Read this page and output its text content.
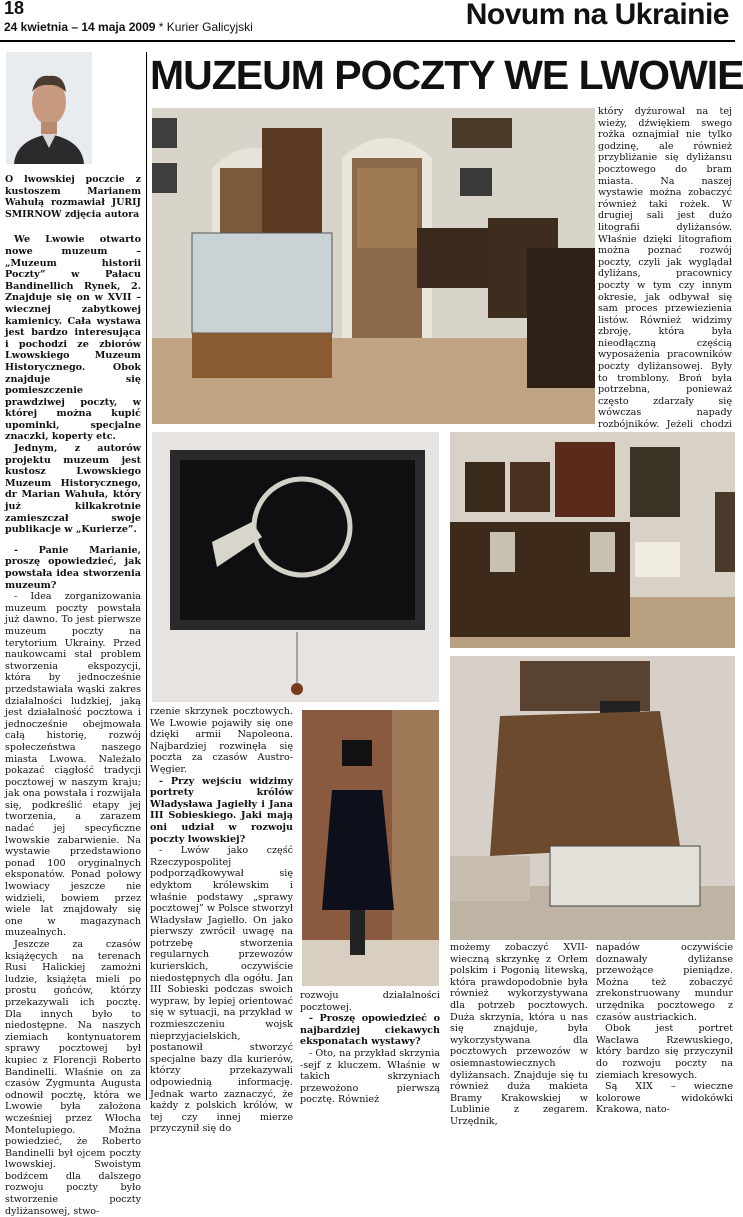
18
24 kwietnia – 14 maja 2009 * Kurier Galicyjski	Novum na Ukrainie
MUZEUM POCZTY WE LWOWIE

O lwowskiej poczcie z kustoszem Marianem Wahułą rozmawiał JURIJ SMIRNOW zdjęcia autora

We Lwowie otwarto nowe muzeum – „Muzeum historii Poczty” w Pałacu Bandinellich Rynek, 2. Znajduje się on w XVII – wiecznej zabytkowej kamienicy. Cała wystawa jest bardzo interesująca i pochodzi ze zbiorów Lwowskiego Muzeum Historycznego. Obok znajduje się pomieszczenie prawdziwej poczty, w której można kupić upominki, specjalne znaczki, koperty etc.

Jednym, z autorów projektu muzeum jest kustosz Lwowskiego Muzeum Historycznego, dr Marian Wahuła, który już kilkakrotnie zamieszczał swoje publikacje w „Kurierze”.

- Panie Marianie, proszę opowiedzieć, jak powstała idea stworzenia muzeum?

- Idea zorganizowania muzeum poczty powstała już dawno. To jest pierwsze muzeum poczty na terytorium Ukrainy. Przed naukowcami stał problem stworzenia ekspozycji, która by jednocześnie przedstawiała wąski zakres działalności ludzkiej, jaką jest działalność pocztowa i jednocześnie obejmowała całą historię, rozwój społeczeństwa naszego miasta Lwowa. Należało pokazać ciągłość tradycji pocztowej w naszym kraju; jak ona powstała i rozwijała się, podkreślić etapy jej tworzenia, a zarazem nadać jej specyficzne lwowskie zabarwienie. Na wystawie przedstawiono ponad 100 oryginalnych eksponatów. Ponad połowy lwowiacy jeszcze nie widzieli, bowiem przez wiele lat znajdowały się one w magazynach muzealnych.

Jeszcze za czasów książęcych na terenach Rusi Halickiej zamożni ludzie, książęta mieli po prostu gońców, którzy przekazywali ich pocztę. Dla innych było to niedostępne. Na naszych ziemiach kontynuatorem sprawy pocztowej był kupiec z Florencji Roberto Bandinelli. Właśnie on za czasów Zygmunta Augusta odnowił pocztę, która we Lwowie była założona wcześniej przez Włocha Montelupiego. Można powiedzieć, że Roberto Bandinelli był ojcem poczty lwowskiej. Swoistym bodźcem dla dalszego rozwoju poczty było stworzenie poczty dyliżansowej, stwo-

który dyżurował na tej wieży, dźwiękiem swego rożka oznajmiał nie tylko godzinę, ale również przybliżanie się dyliżansu pocztowego do bram miasta. Na naszej wystawie można zobaczyć również taki rożek. W drugiej sali jest dużo litografii dyliżansów. Właśnie dzięki litografiom można poznać rozwój poczty, czyli jak wyglądał dyliżans, pracownicy poczty w tym czy innym okresie, jak odbywał się sam proces przewiezienia listów. Również widzimy zbroję, która była nieodłączną częścią wyposażenia pracowników poczty dyliżansowej. Były to tromblony. Broń była potrzebna, ponieważ często zdarzały się wówczas napady rozbójników. Jeżeli chodzi

rzenie skrzynek pocztowych. We Lwowie pojawiły się one dzięki armii Napoleona. Najbardziej rozwinęła się poczta za czasów Austro-Węgier.

- Przy wejściu widzimy portrety królów Władysława Jagiełły i Jana III Sobieskiego. Jaki mają oni udział w rozwoju poczty lwowskiej?

- Lwów jako część Rzeczypospolitej podporządkowywał się edyktom królewskim i właśnie podstawy „sprawy pocztowej” w Polsce stworzył Władysław Jagiełło. On jako pierwszy zwrócił uwagę na potrzebę stworzenia regularnych przewozów kurierskich, oczywiście niedostępnych dla ogółu. Jan III Sobieski podczas swoich wypraw, by lepiej orientować się w sytuacji, na przykład w rozmieszczeniu wojsk nieprzyjacielskich, postanowił stworzyć specjalne bazy dla kurierów, którzy przekazywali odpowiednią informację. Jednak warto zaznaczyć, że każdy z polskich królów, w tej czy innej mierze przyczynił się do

rozwoju działalności pocztowej.

- Proszę opowiedzieć o najbardziej ciekawych eksponatach wystawy?

- Oto, na przykład skrzynia -sejf z kluczem. Właśnie w takich skrzyniach przewożono pierwszą pocztę. Również

możemy zobaczyć XVII- wieczną skrzynkę z Orłem polskim i Pogonią litewską, która prawdopodobnie była również wykorzystywana dla potrzeb pocztowych. Duża skrzynia, która u nas się znajduje, była wykorzystywana dla pocztowych przewozów w osiemnastowiecznych dyliżansach. Znajduje się tu również duża makieta Bramy Krakowskiej w Lublinie z zegarem. Urzędnik,

napadów oczywiście doznawały dyliżanse przewożące pieniądze. Można też zobaczyć zrekonstruowany mundur urzędnika pocztowego z czasów austriackich.

Obok jest portret Wacława Rzewuskiego, który bardzo się przyczynił do rozwoju poczty na ziemiach kresowych.

Są XIX – wieczne kolorowe widokówki Krakowa, nato-
